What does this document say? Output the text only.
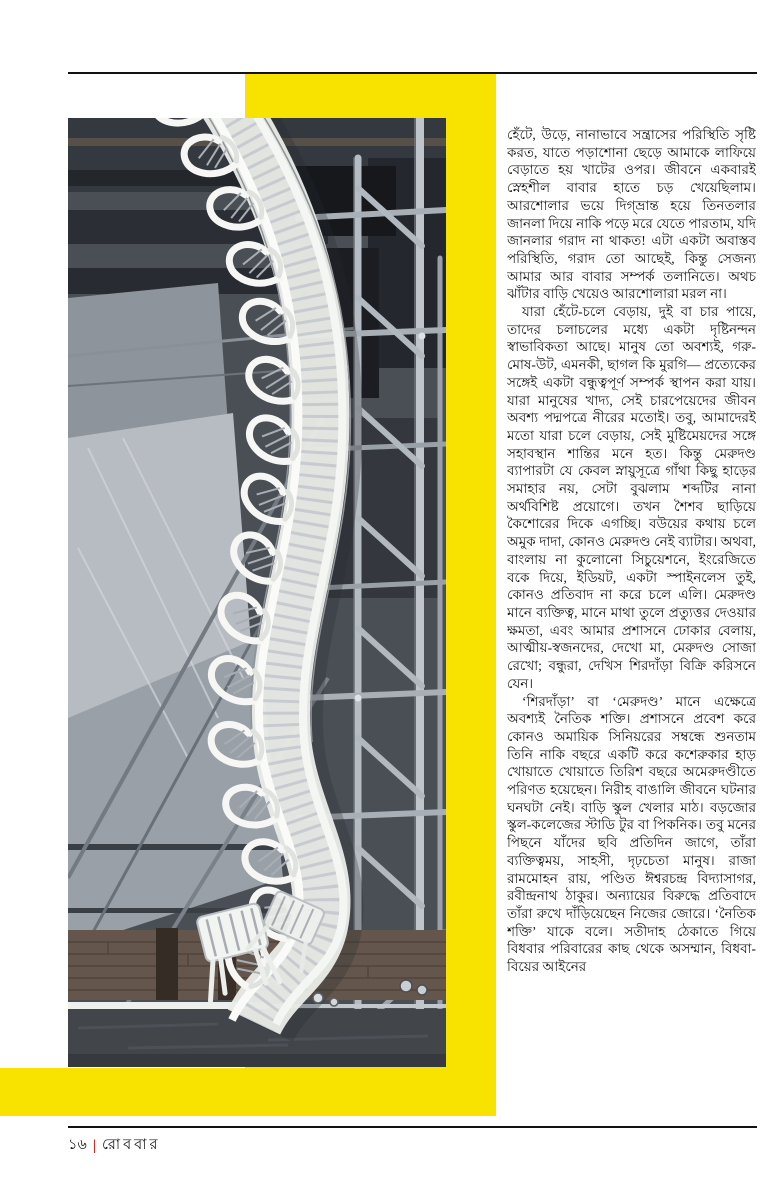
হেঁটে, উড়ে, নানাভাবে সন্ত্রাসের পরিস্থিতি সৃষ্টি করত, যাতে পড়াশোনা ছেড়ে আমাকে লাফিয়ে বেড়াতে হয় খাটের ওপর। জীবনে একবারই স্নেহশীল বাবার হাতে চড় খেয়েছিলাম। আরশোলার ভয়ে দিগ্ভ্রান্ত হয়ে তিনতলার জানলা দিয়ে নাকি পড়ে মরে যেতে পারতাম, যদি জানলার গরাদ না থাকত! এটা একটা অবাস্তব পরিস্থিতি, গরাদ তো আছেই, কিন্তু সেজন্য আমার আর বাবার সম্পর্ক তলানিতে। অথচ ঝাঁটার বাড়ি খেয়েও আরশোলারা মরল না।

যারা হেঁটে-চলে বেড়ায়, দুই বা চার পায়ে, তাদের চলাচলের মধ্যে একটা দৃষ্টিনন্দন স্বাভাবিকতা আছে। মানুষ তো অবশ্যই, গরু-মোষ-উট, এমনকী, ছাগল কি মুরগি— প্রত্যেকের সঙ্গেই একটা বন্ধুত্বপূর্ণ সম্পর্ক স্থাপন করা যায়। যারা মানুষের খাদ্য, সেই চারপেয়েদের জীবন অবশ্য পদ্মপত্রে নীরের মতোই। তবু, আমাদেরই মতো যারা চলে বেড়ায়, সেই মুষ্টিমেয়দের সঙ্গে সহাবস্থান শান্তির মনে হত। কিন্তু মেরুদণ্ড ব্যাপারটা যে কেবল স্নায়ুসূত্রে গাঁথা কিছু হাড়ের সমাহার নয়, সেটা বুঝলাম শব্দটির নানা অর্থবিশিষ্ট প্রয়োগে। তখন শৈশব ছাড়িয়ে কৈশোরের দিকে এগচ্ছি। বউয়ের কথায় চলে অমুক দাদা, কোনও মেরুদণ্ড নেই ব্যাটার। অথবা, বাংলায় না কুলোনো সিচুয়েশনে, ইংরেজিতে বকে দিয়ে, ইডিয়ট, একটা স্পাইনলেস তুই, কোনও প্রতিবাদ না করে চলে এলি। মেরুদণ্ড মানে ব্যক্তিত্ব, মানে মাথা তুলে প্রত্যুত্তর দেওয়ার ক্ষমতা, এবং আমার প্রশাসনে ঢোকার বেলায়, আত্মীয়-স্বজনদের, দেখো মা, মেরুদণ্ড সোজা রেখো; বন্ধুরা, দেখিস শিরদাঁড়া বিক্রি করিসনে যেন।

‘শিরদাঁড়া’ বা ‘মেরুদণ্ড’ মানে এক্ষেত্রে অবশ্যই নৈতিক শক্তি। প্রশাসনে প্রবেশ করে কোনও অমায়িক সিনিয়রের সম্বন্ধে শুনতাম তিনি নাকি বছরে একটি করে কশেরুকার হাড় খোয়াতে খোয়াতে তিরিশ বছরে অমেরুদণ্ডীতে পরিণত হয়েছেন। নিরীহ বাঙালি জীবনে ঘটনার ঘনঘটা নেই। বাড়ি স্কুল খেলার মাঠ। বড়জোর স্কুল-কলেজের স্টাডি টুর বা পিকনিক। তবু মনের পিছনে যাঁদের ছবি প্রতিদিন জাগে, তাঁরা ব্যক্তিত্বময়, সাহসী, দৃঢ়চেতা মানুষ। রাজা রামমোহন রায়, পণ্ডিত ঈশ্বরচন্দ্র বিদ্যাসাগর, রবীন্দ্রনাথ ঠাকুর। অন্যায়ের বিরুদ্ধে প্রতিবাদে তাঁরা রুখে দাঁড়িয়েছেন নিজের জোরে। ‘নৈতিক শক্তি’ যাকে বলে। সতীদাহ ঠেকাতে গিয়ে বিধবার পরিবারের কাছ থেকে অসম্মান, বিধবা-বিয়ের আইনের

১৬ | রোববার
